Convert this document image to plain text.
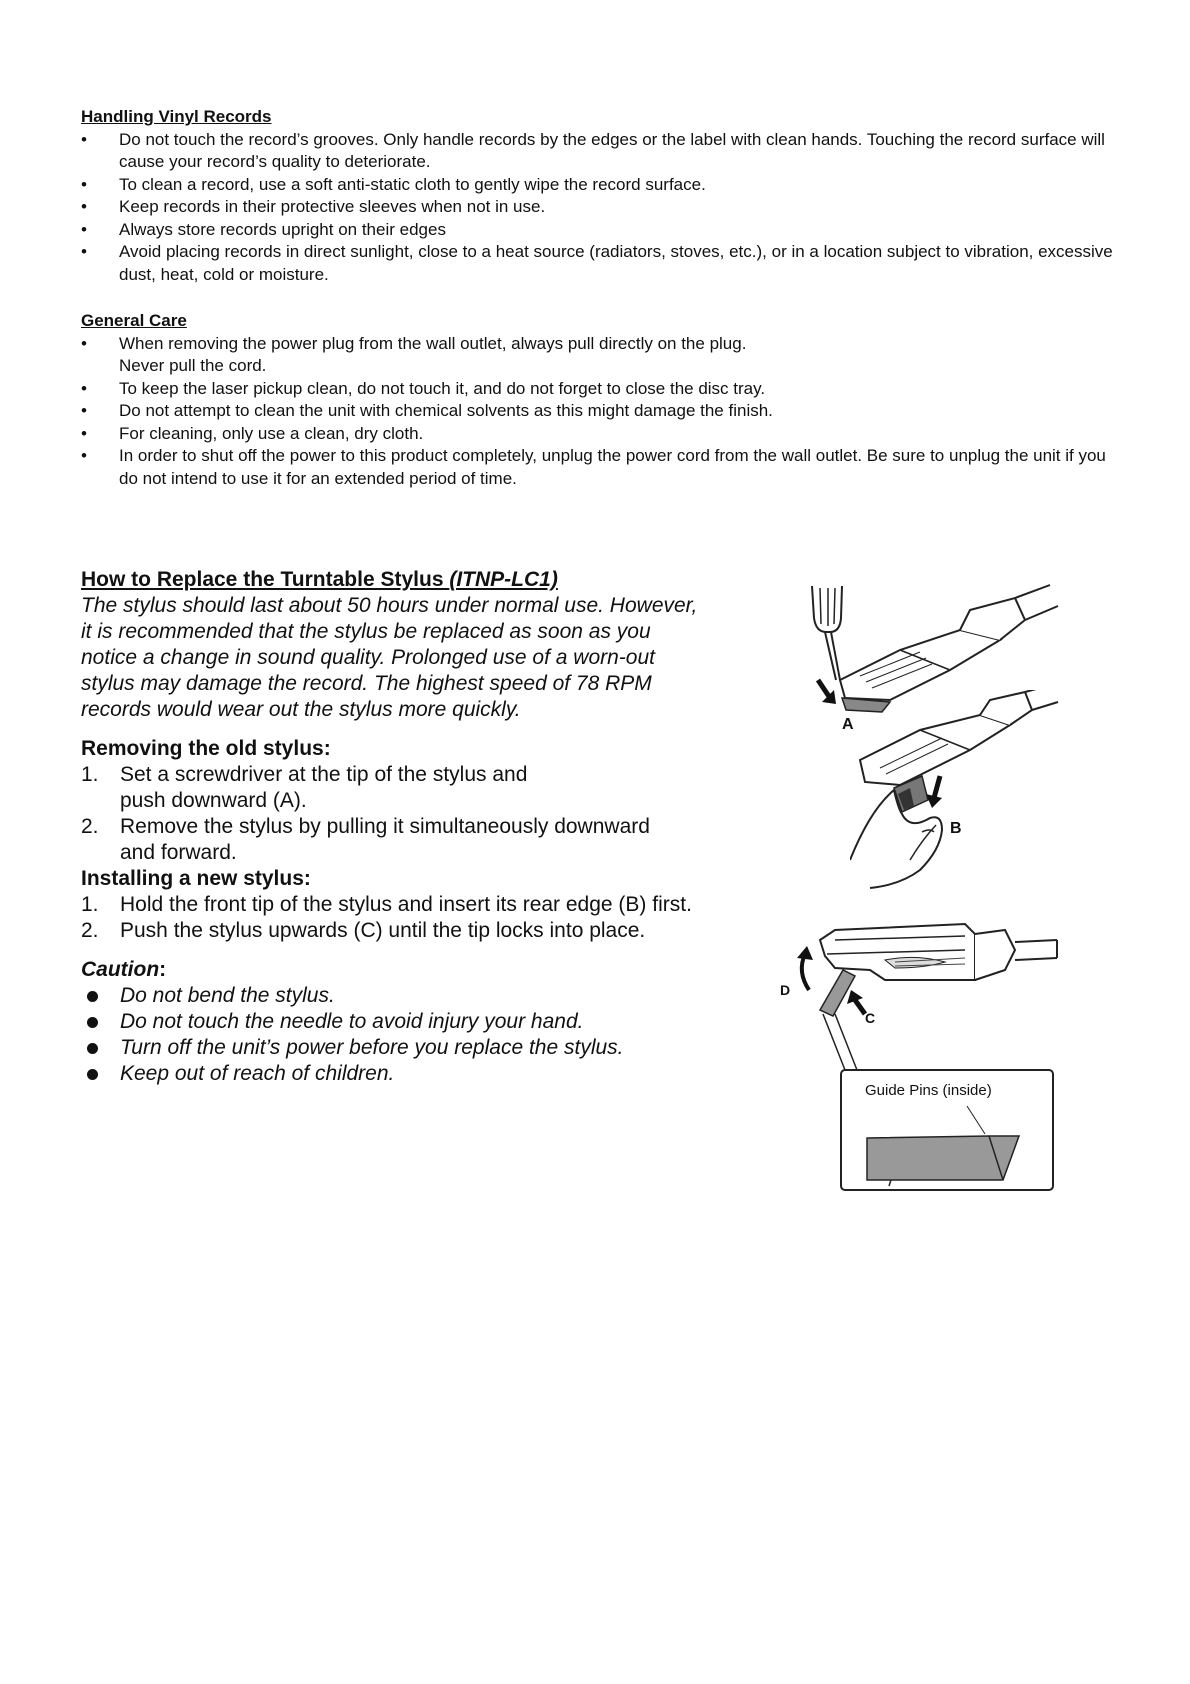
Handling Vinyl Records
• Do not touch the record’s grooves. Only handle records by the edges or the label with clean hands. Touching the record surface will cause your record’s quality to deteriorate.
• To clean a record, use a soft anti-static cloth to gently wipe the record surface.
• Keep records in their protective sleeves when not in use.
• Always store records upright on their edges
• Avoid placing records in direct sunlight, close to a heat source (radiators, stoves, etc.), or in a location subject to vibration, excessive dust, heat, cold or moisture.
General Care
• When removing the power plug from the wall outlet, always pull directly on the plug.
Never pull the cord.
• To keep the laser pickup clean, do not touch it, and do not forget to close the disc tray.
• Do not attempt to clean the unit with chemical solvents as this might damage the finish.
• For cleaning, only use a clean, dry cloth.
• In order to shut off the power to this product completely, unplug the power cord from the wall outlet. Be sure to unplug the unit if you do not intend to use it for an extended period of time.
How to Replace the Turntable Stylus (ITNP-LC1)
The stylus should last about 50 hours under normal use. However,
it is recommended that the stylus be replaced as soon as you
notice a change in sound quality. Prolonged use of a worn-out
stylus may damage the record. The highest speed of 78 RPM
records would wear out the stylus more quickly.
Removing the old stylus:
1. Set a screwdriver at the tip of the stylus and
push downward (A).
2. Remove the stylus by pulling it simultaneously downward
and forward.
Installing a new stylus:
1. Hold the front tip of the stylus and insert its rear edge (B) first.
2. Push the stylus upwards (C) until the tip locks into place.
Caution:
Do not bend the stylus.
Do not touch the needle to avoid injury your hand.
Turn off the unit’s power before you replace the stylus.
Keep out of reach of children.
A
B
D
C
Guide Pins (inside)
